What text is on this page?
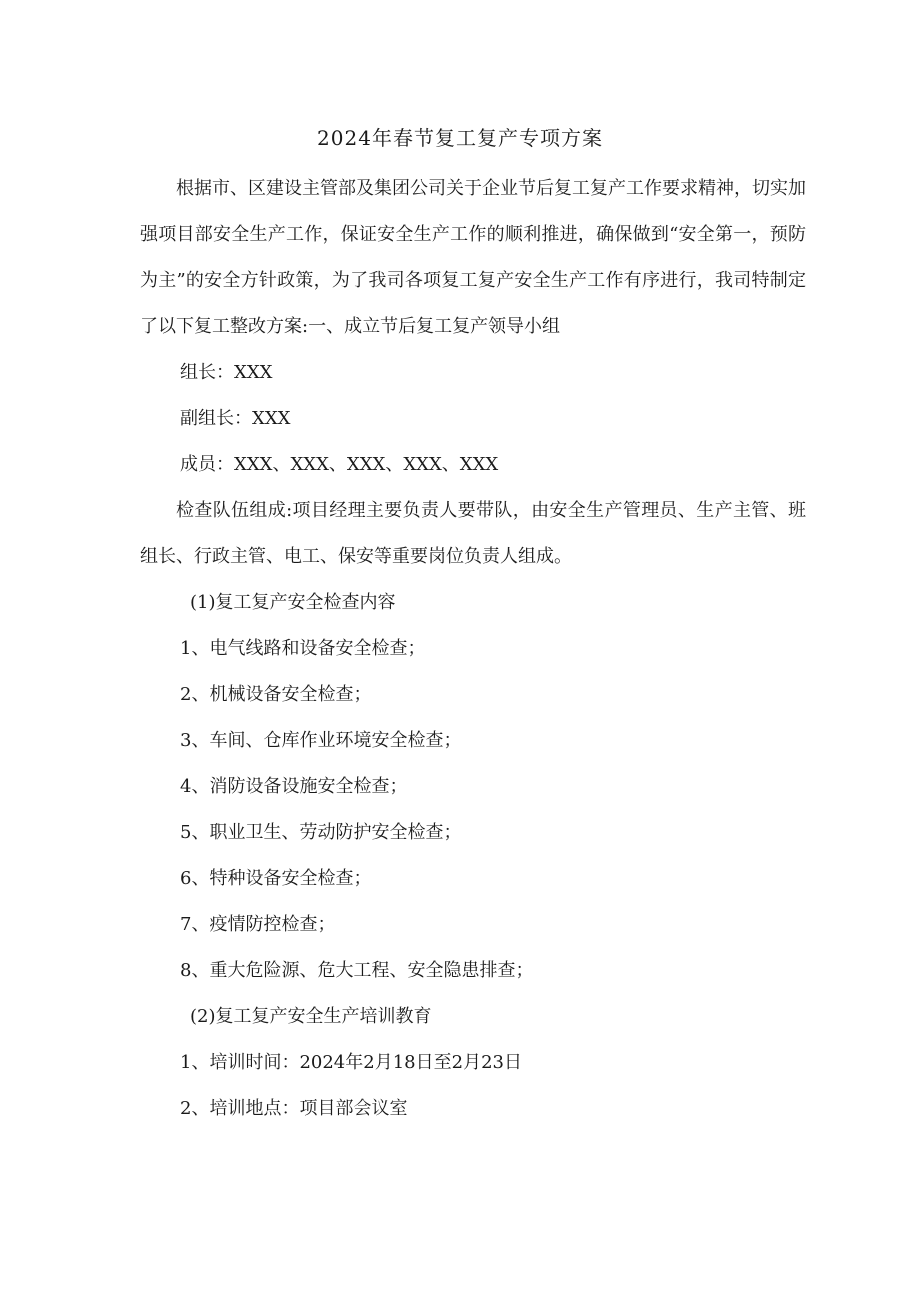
2024年春节复工复产专项方案

根据市、区建设主管部及集团公司关于企业节后复工复产工作要求精神，切实加强项目部安全生产工作，保证安全生产工作的顺利推进，确保做到“安全第一，预防为主”的安全方针政策，为了我司各项复工复产安全生产工作有序进行，我司特制定了以下复工整改方案:一、成立节后复工复产领导小组

组长：XXX

副组长：XXX

成员：XXX、XXX、XXX、XXX、XXX

检查队伍组成:项目经理主要负责人要带队，由安全生产管理员、生产主管、班组长、行政主管、电工、保安等重要岗位负责人组成。

(1)复工复产安全检查内容

1、电气线路和设备安全检查；

2、机械设备安全检查；

3、车间、仓库作业环境安全检查；

4、消防设备设施安全检查；

5、职业卫生、劳动防护安全检查；

6、特种设备安全检查；

7、疫情防控检查；

8、重大危险源、危大工程、安全隐患排查；

(2)复工复产安全生产培训教育

1、培训时间：2024年2月18日至2月23日

2、培训地点：项目部会议室
